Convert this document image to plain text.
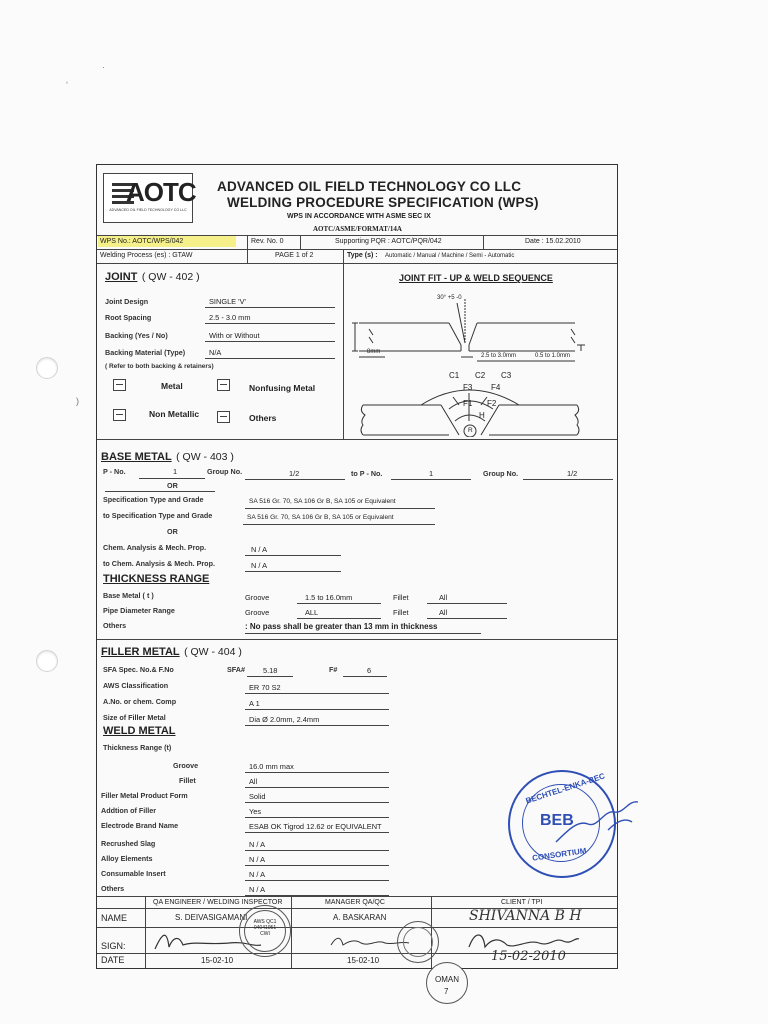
·
‘
)
AOTC
ADVANCED OIL FIELD TECHNOLOGY CO LLC
ADVANCED OIL FIELD TECHNOLOGY CO LLC
WELDING PROCEDURE SPECIFICATION (WPS)
WPS IN ACCORDANCE WITH ASME SEC IX
AOTC/ASME/FORMAT/14A
WPS No.: AOTC/WPS/042	Rev. No. 0	Supporting PQR : AOTC/PQR/042	Date : 15.02.2010
Welding Process (es) : GTAW	PAGE 1 of 2	Type (s) : Automatic / Manual / Machine / Semi - Automatic
JOINT ( QW - 402 )
Joint Design	SINGLE 'V'
Root Spacing	2.5 - 3.0 mm
Backing (Yes / No)	With or Without
Backing Material (Type)	N/A
( Refer to both backing & retainers)
Metal	Nonfusing Metal
Non Metallic	Others
JOINT FIT - UP & WELD SEQUENCE
30° +5 -0
8mm
2.5 to 3.0mm	0.5 to 1.0mm
C1 C2 C3
F3 F4
F1 F2
H
R
BASE METAL ( QW - 403 )
P - No.	1	Group No.	1/2	to P - No.	1	Group No.	1/2
OR
Specification Type and Grade	SA 516 Gr. 70, SA 106 Gr B, SA 105 or Equivalent
to Specification Type and Grade	SA 516 Gr. 70, SA 106 Gr B, SA 105 or Equivalent
OR
Chem. Analysis & Mech. Prop.	N / A
to Chem. Analysis & Mech. Prop.	N / A
THICKNESS RANGE
Base Metal ( t )	Groove	1.5 to 16.0mm	Fillet	All
Pipe Diameter Range	Groove	ALL	Fillet	All
Others	: No pass shall be greater than 13 mm in thickness
FILLER METAL ( QW - 404 )
SFA Spec. No.& F.No	SFA# 5.18	F#	6
AWS Classification	ER 70 S2
A.No. or chem. Comp	A 1
Size of Filler Metal	Dia Ø 2.0mm, 2.4mm
WELD METAL
Thickness Range (t)
Groove	16.0 mm max
Fillet	All
Filler Metal Product Form	Solid
Addtion of Filler	Yes
Electrode Brand Name	ESAB OK Tigrod 12.62 or EQUIVALENT
Recrushed Slag	N / A
Alloy Elements	N / A
Consumable Insert	N / A
Others	N / A
QA ENGINEER / WELDING INSPECTOR	MANAGER QA/QC	CLIENT / TPI
NAME	S. DEIVASIGAMANI	A. BASKARAN	SHIVANNA B H
SIGN:
DATE	15-02-10	15-02-10	15-02-2010
AWS QC1 04041051 CWI
BECHTEL-ENKA-BEC
BEB
CONSORTIUM
OMAN
7
